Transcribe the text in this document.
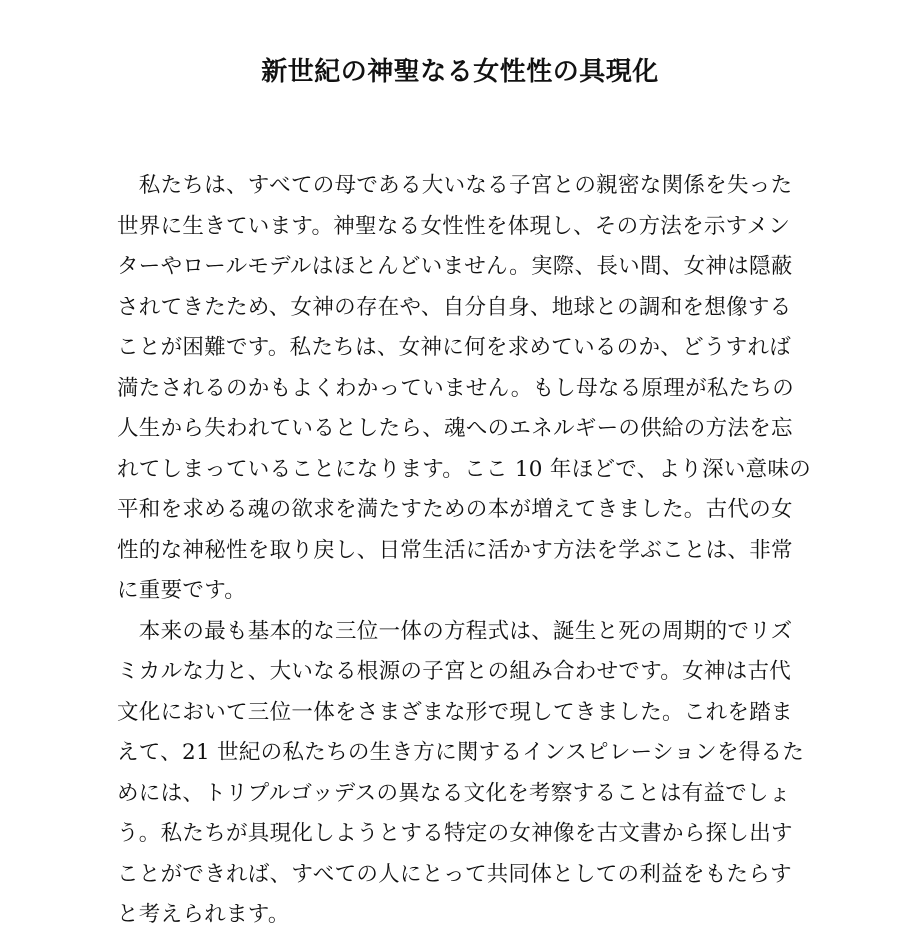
新世紀の神聖なる女性性の具現化
　私たちは、すべての母である大いなる子宮との親密な関係を失った
世界に生きています。神聖なる女性性を体現し、その方法を示すメン
ターやロールモデルはほとんどいません。実際、長い間、女神は隠蔽
されてきたため、女神の存在や、自分自身、地球との調和を想像する
ことが困難です。私たちは、女神に何を求めているのか、どうすれば
満たされるのかもよくわかっていません。もし母なる原理が私たちの
人生から失われているとしたら、魂へのエネルギーの供給の方法を忘
れてしまっていることになります。ここ 10 年ほどで、より深い意味の
平和を求める魂の欲求を満たすための本が増えてきました。古代の女
性的な神秘性を取り戻し、日常生活に活かす方法を学ぶことは、非常
に重要です。
　本来の最も基本的な三位一体の方程式は、誕生と死の周期的でリズ
ミカルな力と、大いなる根源の子宮との組み合わせです。女神は古代
文化において三位一体をさまざまな形で現してきました。これを踏ま
えて、21 世紀の私たちの生き方に関するインスピレーションを得るた
めには、トリプルゴッデスの異なる文化を考察することは有益でしょ
う。私たちが具現化しようとする特定の女神像を古文書から探し出す
ことができれば、すべての人にとって共同体としての利益をもたらす
と考えられます。
